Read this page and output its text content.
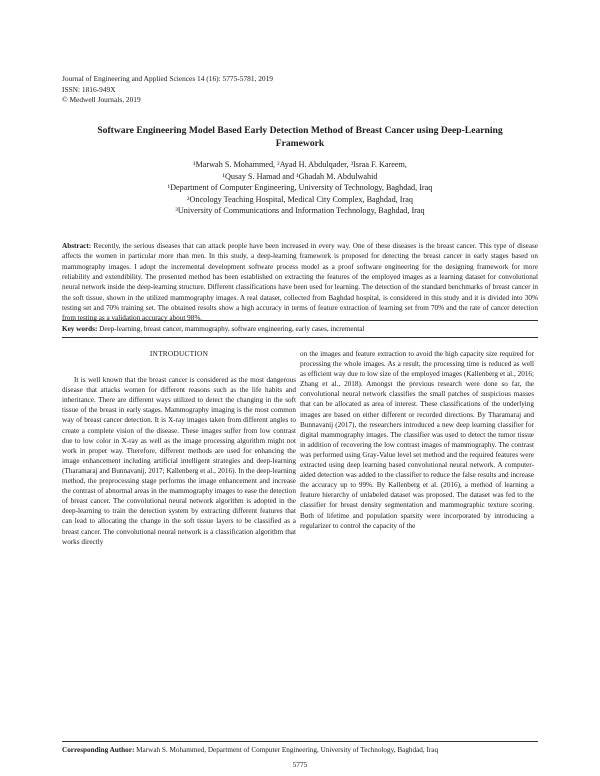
Journal of Engineering and Applied Sciences 14 (16): 5775-5781, 2019
ISSN: 1816-949X
© Medwell Journals, 2019
Software Engineering Model Based Early Detection Method of Breast Cancer using Deep-Learning Framework
¹Marwah S. Mohammed, ²Ayad H. Abdulqader, ³Israa F. Kareem,
¹Qusay S. Hamad and ¹Ghadah M. Abdulwahid
¹Department of Computer Engineering, University of Technology, Baghdad, Iraq
²Oncology Teaching Hospital, Medical City Complex, Baghdad, Iraq
³University of Communications and Information Technology, Baghdad, Iraq
Abstract: Recently, the serious diseases that can attack people have been increased in every way. One of these diseases is the breast cancer. This type of disease affects the women in particular more than men. In this study, a deep-learning framework is proposed for detecting the breast cancer in early stages based on mammography images. I adopt the incremental development software process model as a proof software engineering for the designing framework for more reliability and extendibility. The presented method has been established on extracting the features of the employed images as a learning dataset for convolutional neural network inside the deep-learning structure. Different classifications have been used for learning. The detection of the standard benchmarks of breast cancer in the soft tissue, shown in the utilized mammography images. A real dataset, collected from Baghdad hospital, is considered in this study and it is divided into 30% testing set and 70% training set. The obtained results show a high accuracy in terms of feature extraction of learning set from 70% and the rate of cancer detection from testing as a validation accuracy about 98%.
Key words: Deep-learning, breast cancer, mammography, software engineering, early cases, incremental
INTRODUCTION

It is well known that the breast cancer is considered as the most dangerous disease that attacks women for different reasons such as the life habits and inheritance. There are different ways utilized to detect the changing in the soft tissue of the breast in early stages. Mammography imaging is the most common way of breast cancer detection. It is X-ray images taken from different angles to create a complete vision of the disease. These images suffer from low contrast due to low color in X-ray as well as the image processing algorithm might not work in proper way. Therefore, different methods are used for enhancing the image enhancement including artificial intelligent strategies and deep-learning (Tharamaraj and Bunnavanij, 2017; Kallenberg et al., 2016). In the deep-learning method, the preprocessing stage performs the image enhancement and increase the contrast of abnormal areas in the mammography images to ease the detection of breast cancer. The convolutional neural network algorithm is adopted in the deep-learning to train the detection system by extracting different features that can lead to allocating the change in the soft tissue layers to be classified as a breast cancer. The convolutional neural network is a classification algorithm that works directly

on the images and feature extraction to avoid the high capacity size required for processing the whole images. As a result, the processing time is reduced as well as efficient way due to low size of the employed images (Kallenberg et al., 2016; Zhang et al., 2018). Amongst the previous research were done so far, the convolutional neural network classifies the small patches of suspicious masses that can be allocated as area of interest. These classifications of the underlying images are based on either different or recorded directions. By Tharamaraj and Bunnavanij (2017), the researchers introduced a new deep learning classifier for digital mammography images. The classifier was used to detect the tumor tissue in addition of recovering the low contrast images of mammography. The contrast was performed using Gray-Value level set method and the required features were extracted using deep learning based convolutional neural network. A computer-aided detection was added to the classifier to reduce the false results and increase the accuracy up to 99%. By Kallenberg et al. (2016), a method of learning a feature hierarchy of unlabeled dataset was proposed. The dataset was fed to the classifier for breast density segmentation and mammographic texture scoring. Both of lifetime and population sparsity were incorporated by introducing a regularizer to control the capacity of the

Corresponding Author: Marwah S. Mohammed, Department of Computer Engineering, University of Technology, Baghdad, Iraq
5775
